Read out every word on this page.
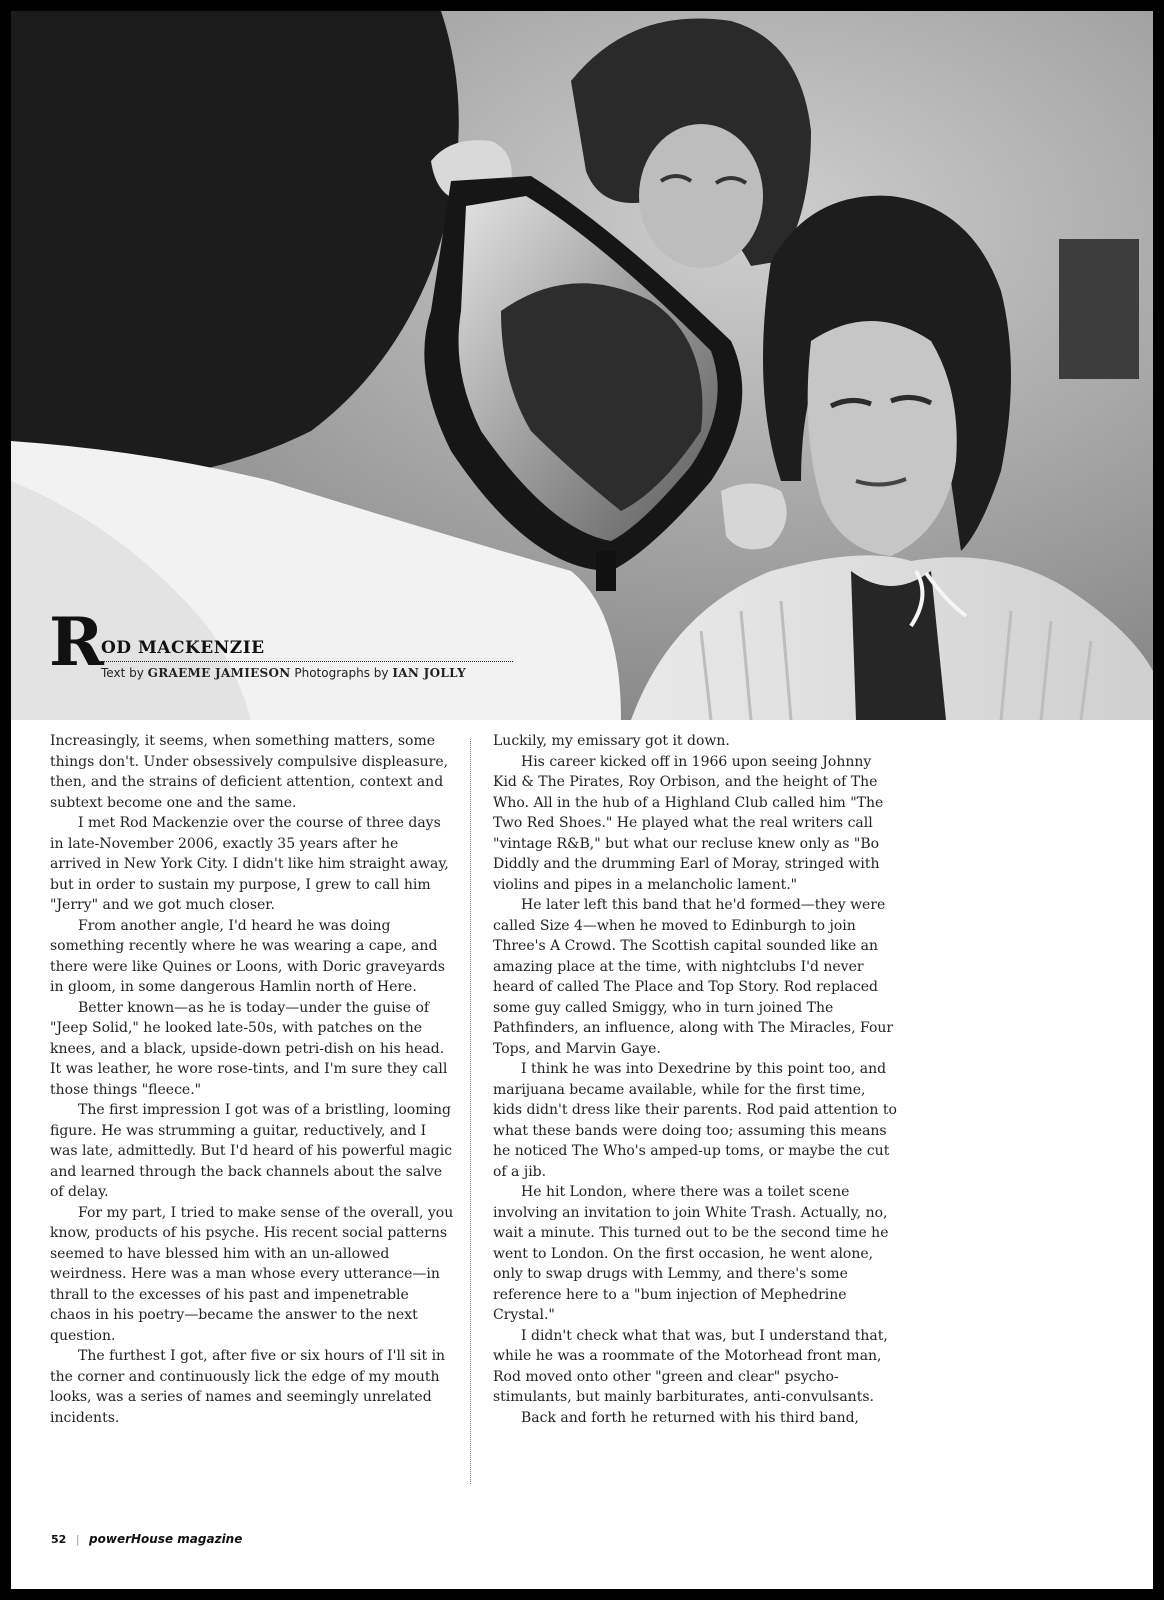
R
OD MACKENZIE
Text by GRAEME JAMIESON Photographs by IAN JOLLY

Increasingly, it seems, when something matters, some things don't. Under obsessively compulsive displeasure, then, and the strains of deficient attention, context and subtext become one and the same.

I met Rod Mackenzie over the course of three days in late-November 2006, exactly 35 years after he arrived in New York City. I didn't like him straight away, but in order to sustain my purpose, I grew to call him "Jerry" and we got much closer.

From another angle, I'd heard he was doing something recently where he was wearing a cape, and there were like Quines or Loons, with Doric graveyards in gloom, in some dangerous Hamlin north of Here.

Better known—as he is today—under the guise of "Jeep Solid," he looked late-50s, with patches on the knees, and a black, upside-down petri-dish on his head. It was leather, he wore rose-tints, and I'm sure they call those things "fleece."

The first impression I got was of a bristling, looming figure. He was strumming a guitar, reductively, and I was late, admittedly. But I'd heard of his powerful magic and learned through the back channels about the salve of delay.

For my part, I tried to make sense of the overall, you know, products of his psyche. His recent social patterns seemed to have blessed him with an un-allowed weirdness. Here was a man whose every utterance—in thrall to the excesses of his past and impenetrable chaos in his poetry—became the answer to the next question.

The furthest I got, after five or six hours of I'll sit in the corner and continuously lick the edge of my mouth looks, was a series of names and seemingly unrelated incidents.

Luckily, my emissary got it down.

His career kicked off in 1966 upon seeing Johnny Kid & The Pirates, Roy Orbison, and the height of The Who. All in the hub of a Highland Club called him "The Two Red Shoes." He played what the real writers call "vintage R&B," but what our recluse knew only as "Bo Diddly and the drumming Earl of Moray, stringed with violins and pipes in a melancholic lament."

He later left this band that he'd formed—they were called Size 4—when he moved to Edinburgh to join Three's A Crowd. The Scottish capital sounded like an amazing place at the time, with nightclubs I'd never heard of called The Place and Top Story. Rod replaced some guy called Smiggy, who in turn joined The Pathfinders, an influence, along with The Miracles, Four Tops, and Marvin Gaye.

I think he was into Dexedrine by this point too, and marijuana became available, while for the first time, kids didn't dress like their parents. Rod paid attention to what these bands were doing too; assuming this means he noticed The Who's amped-up toms, or maybe the cut of a jib.

He hit London, where there was a toilet scene involving an invitation to join White Trash. Actually, no, wait a minute. This turned out to be the second time he went to London. On the first occasion, he went alone, only to swap drugs with Lemmy, and there's some reference here to a "bum injection of Mephedrine Crystal."

I didn't check what that was, but I understand that, while he was a roommate of the Motorhead front man, Rod moved onto other "green and clear" psycho-stimulants, but mainly barbiturates, anti-convulsants.

Back and forth he returned with his third band,

52 | powerHouse magazine
